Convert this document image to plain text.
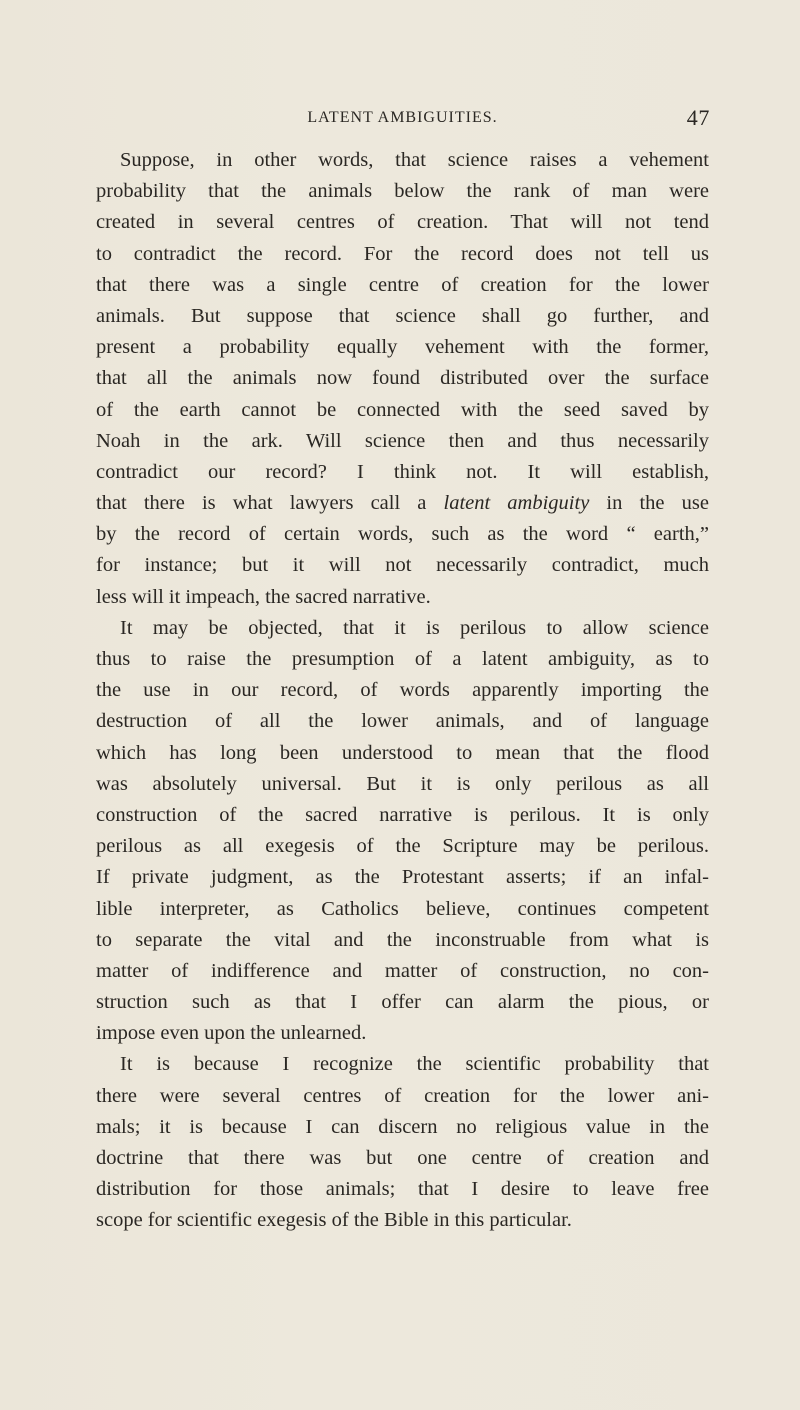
LATENT AMBIGUITIES.	47
Suppose, in other words, that science raises a vehement
probability that the animals below the rank of man were
created in several centres of creation. That will not tend
to contradict the record. For the record does not tell us
that there was a single centre of creation for the lower
animals. But suppose that science shall go further, and
present a probability equally vehement with the former,
that all the animals now found distributed over the surface
of the earth cannot be connected with the seed saved by
Noah in the ark. Will science then and thus necessarily
contradict our record? I think not. It will establish,
that there is what lawyers call a latent ambiguity in the use
by the record of certain words, such as the word “ earth,”
for instance; but it will not necessarily contradict, much
less will it impeach, the sacred narrative.
It may be objected, that it is perilous to allow science
thus to raise the presumption of a latent ambiguity, as to
the use in our record, of words apparently importing the
destruction of all the lower animals, and of language
which has long been understood to mean that the flood
was absolutely universal. But it is only perilous as all
construction of the sacred narrative is perilous. It is only
perilous as all exegesis of the Scripture may be perilous.
If private judgment, as the Protestant asserts; if an infal-
lible interpreter, as Catholics believe, continues competent
to separate the vital and the inconstruable from what is
matter of indifference and matter of construction, no con-
struction such as that I offer can alarm the pious, or
impose even upon the unlearned.
It is because I recognize the scientific probability that
there were several centres of creation for the lower ani-
mals; it is because I can discern no religious value in the
doctrine that there was but one centre of creation and
distribution for those animals; that I desire to leave free
scope for scientific exegesis of the Bible in this particular.
